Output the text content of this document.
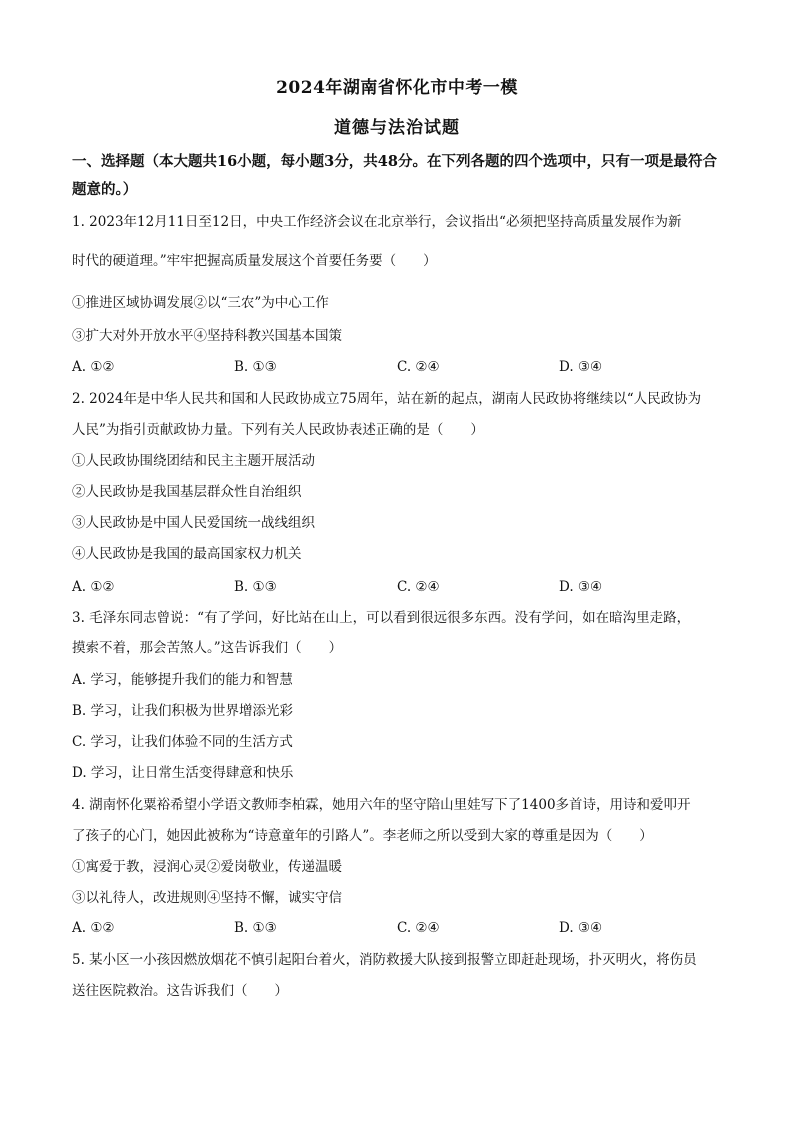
2024年湖南省怀化市中考一模
道德与法治试题
一、选择题（本大题共16小题，每小题3分，共48分。在下列各题的四个选项中，只有一项是最符合题意的。）
1. 2023年12月11日至12日，中央工作经济会议在北京举行，会议指出“必须把坚持高质量发展作为新
时代的硬道理。”牢牢把握高质量发展这个首要任务要（　　）
①推进区域协调发展②以“三农”为中心工作
③扩大对外开放水平④坚持科教兴国基本国策
A. ①②	B. ①③	C. ②④	D. ③④
2. 2024年是中华人民共和国和人民政协成立75周年，站在新的起点，湖南人民政协将继续以“人民政协为
人民”为指引贡献政协力量。下列有关人民政协表述正确的是（　　）
①人民政协围绕团结和民主主题开展活动
②人民政协是我国基层群众性自治组织
③人民政协是中国人民爱国统一战线组织
④人民政协是我国的最高国家权力机关
A. ①②	B. ①③	C. ②④	D. ③④
3. 毛泽东同志曾说：“有了学问，好比站在山上，可以看到很远很多东西。没有学问，如在暗沟里走路，
摸索不着，那会苦煞人。”这告诉我们（　　）
A. 学习，能够提升我们的能力和智慧
B. 学习，让我们积极为世界增添光彩
C. 学习，让我们体验不同的生活方式
D. 学习，让日常生活变得肆意和快乐
4. 湖南怀化粟裕希望小学语文教师李柏霖，她用六年的坚守陪山里娃写下了1400多首诗，用诗和爱叩开
了孩子的心门，她因此被称为“诗意童年的引路人”。李老师之所以受到大家的尊重是因为（　　）
①寓爱于教，浸润心灵②爱岗敬业，传递温暖
③以礼待人，改进规则④坚持不懈，诚实守信
A. ①②	B. ①③	C. ②④	D. ③④
5. 某小区一小孩因燃放烟花不慎引起阳台着火，消防救援大队接到报警立即赶赴现场，扑灭明火，将伤员
送往医院救治。这告诉我们（　　）
